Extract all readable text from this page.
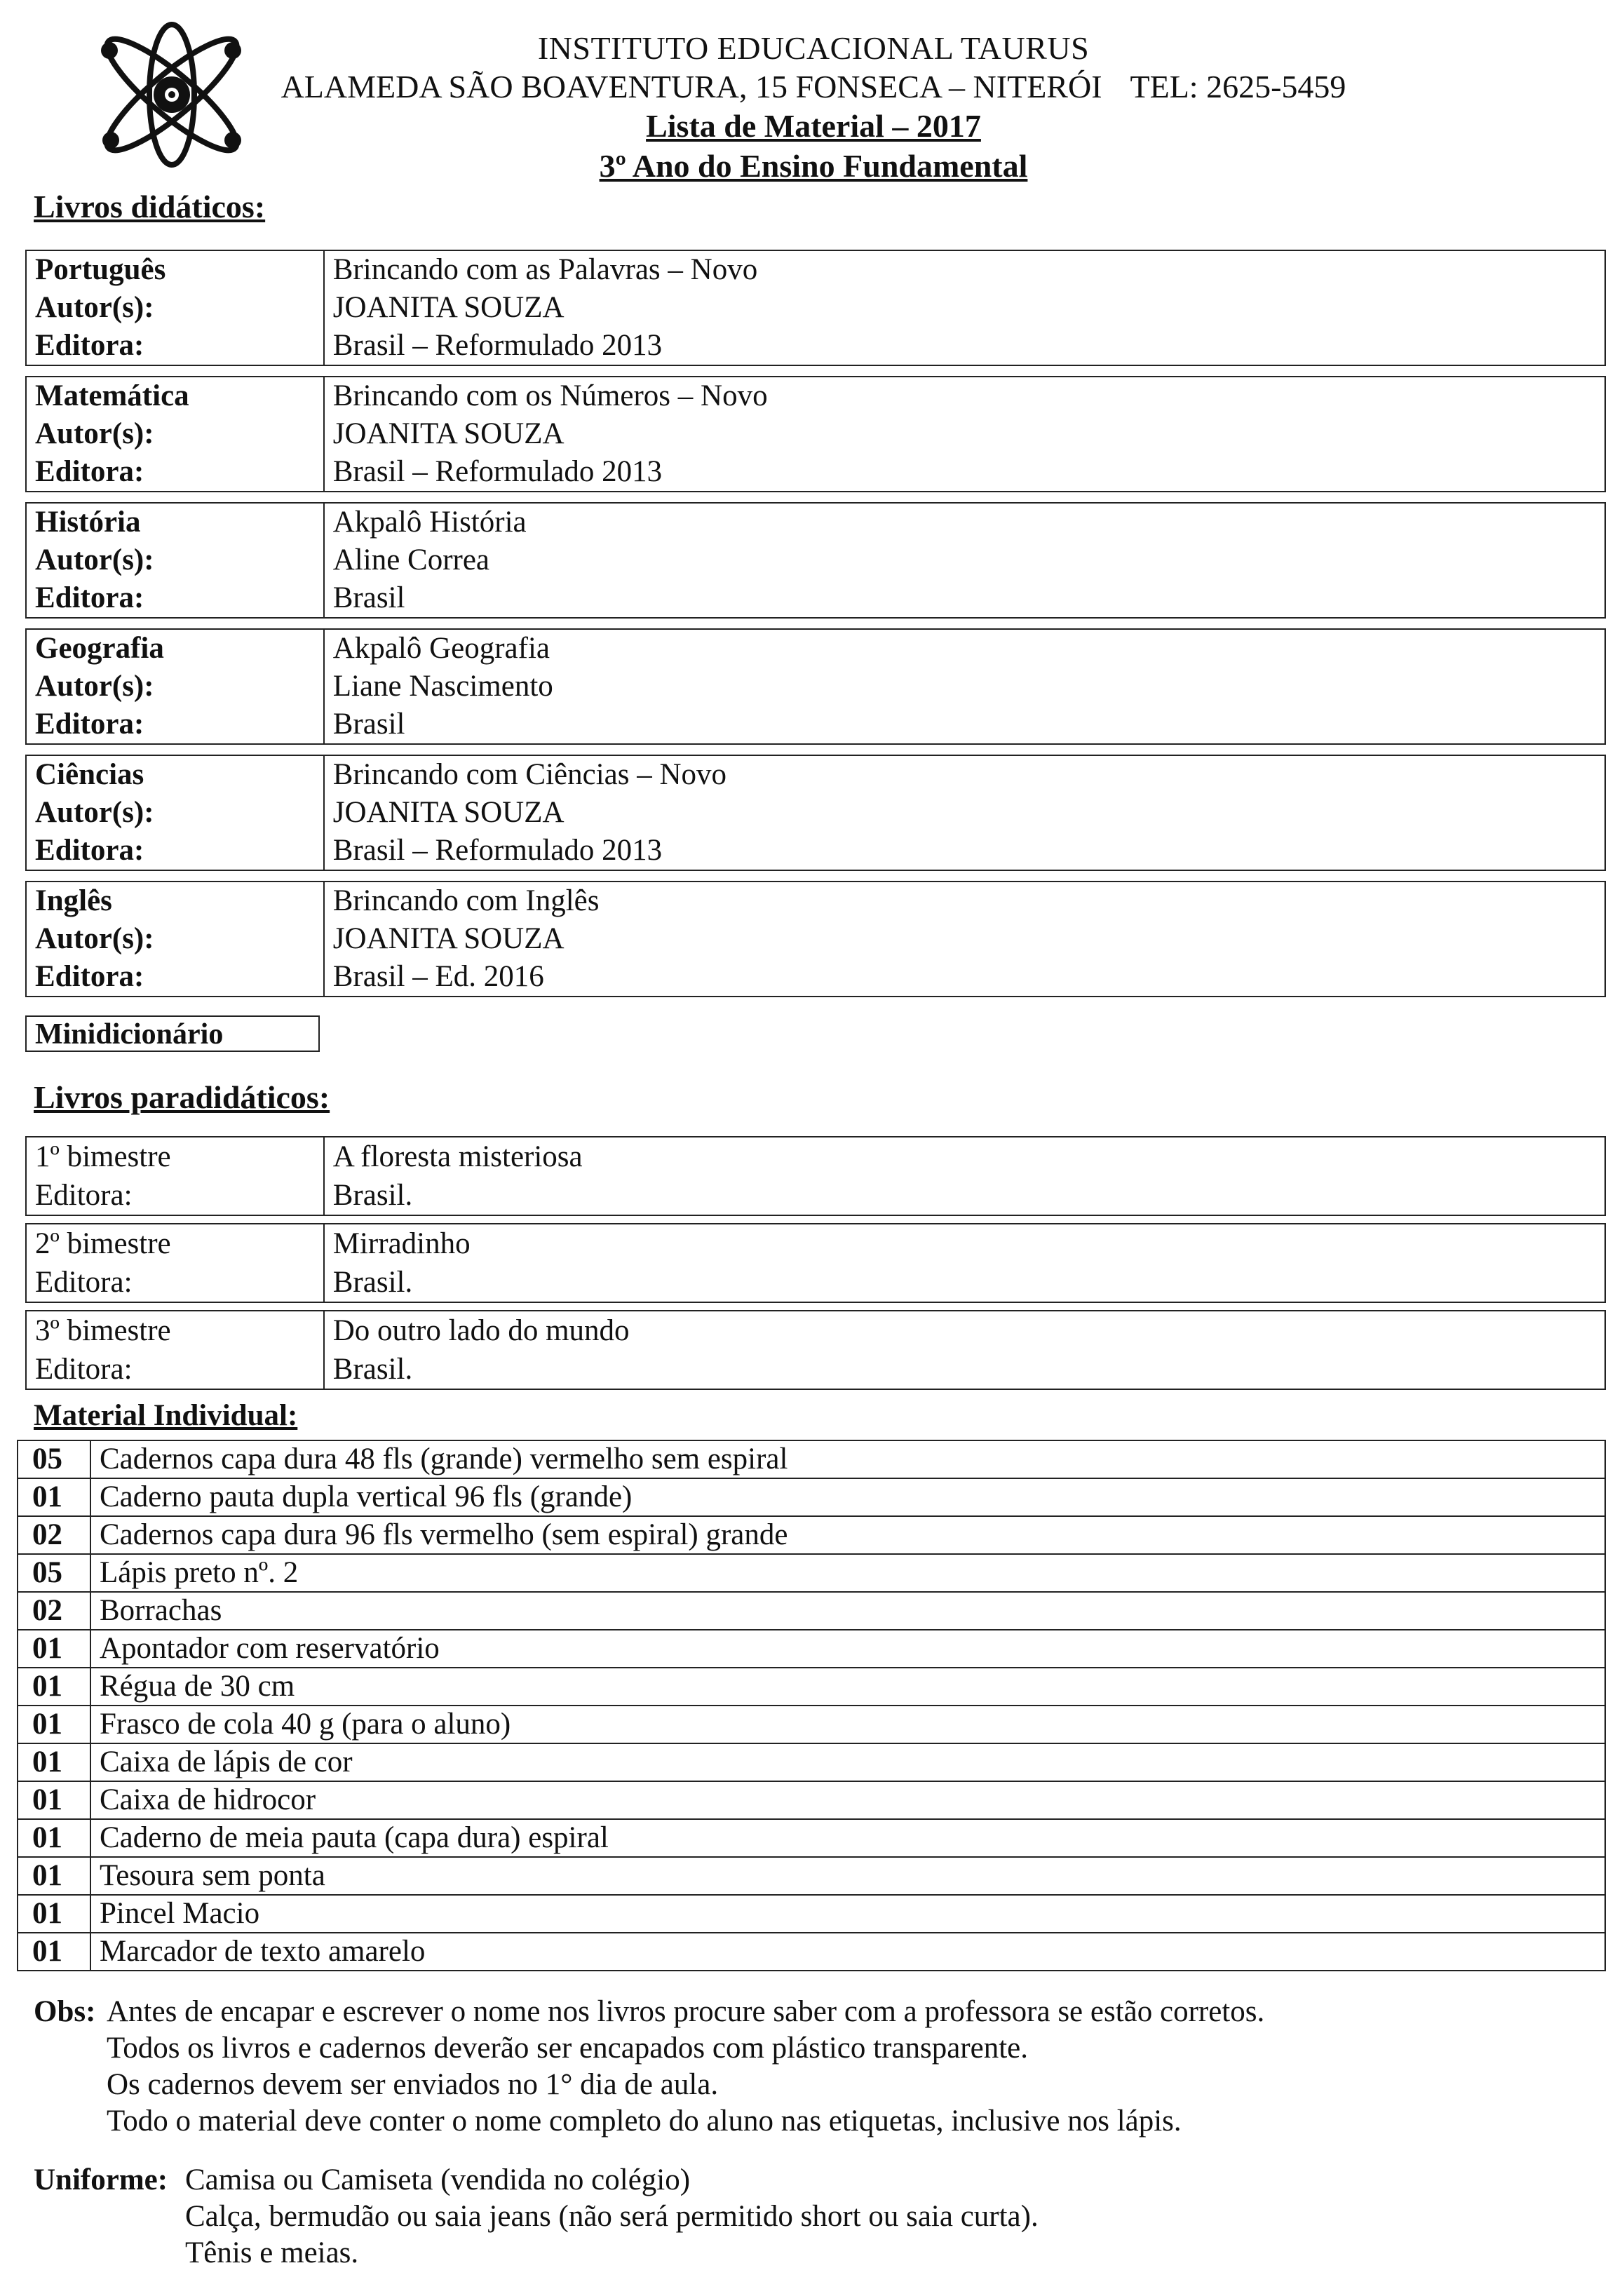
INSTITUTO EDUCACIONAL TAURUS
ALAMEDA SÃO BOAVENTURA, 15 FONSECA – NITERÓI TEL: 2625-5459
Lista de Material – 2017
3º Ano do Ensino Fundamental
Livros didáticos:
Português	Brincando com as Palavras – Novo
Autor(s):	JOANITA SOUZA
Editora:	Brasil – Reformulado 2013
Matemática	Brincando com os Números – Novo
Autor(s):	JOANITA SOUZA
Editora:	Brasil – Reformulado 2013
História	Akpalô História
Autor(s):	Aline Correa
Editora:	Brasil
Geografia	Akpalô Geografia
Autor(s):	Liane Nascimento
Editora:	Brasil
Ciências	Brincando com Ciências – Novo
Autor(s):	JOANITA SOUZA
Editora:	Brasil – Reformulado 2013
Inglês	Brincando com Inglês
Autor(s):	JOANITA SOUZA
Editora:	Brasil – Ed. 2016
Minidicionário
Livros paradidáticos:
1º bimestre	A floresta misteriosa
Editora:	Brasil.
2º bimestre	Mirradinho
Editora:	Brasil.
3º bimestre	Do outro lado do mundo
Editora:	Brasil.
Material Individual:
05	Cadernos capa dura 48 fls (grande) vermelho sem espiral
01	Caderno pauta dupla vertical 96 fls (grande)
02	Cadernos capa dura 96 fls vermelho (sem espiral) grande
05	Lápis preto nº. 2
02	Borrachas
01	Apontador com reservatório
01	Régua de 30 cm
01	Frasco de cola 40 g (para o aluno)
01	Caixa de lápis de cor
01	Caixa de hidrocor
01	Caderno de meia pauta (capa dura) espiral
01	Tesoura sem ponta
01	Pincel Macio
01	Marcador de texto amarelo
Obs: Antes de encapar e escrever o nome nos livros procure saber com a professora se estão corretos.
Todos os livros e cadernos deverão ser encapados com plástico transparente.
Os cadernos devem ser enviados no 1° dia de aula.
Todo o material deve conter o nome completo do aluno nas etiquetas, inclusive nos lápis.
Uniforme: Camisa ou Camiseta (vendida no colégio)
Calça, bermudão ou saia jeans (não será permitido short ou saia curta).
Tênis e meias.
